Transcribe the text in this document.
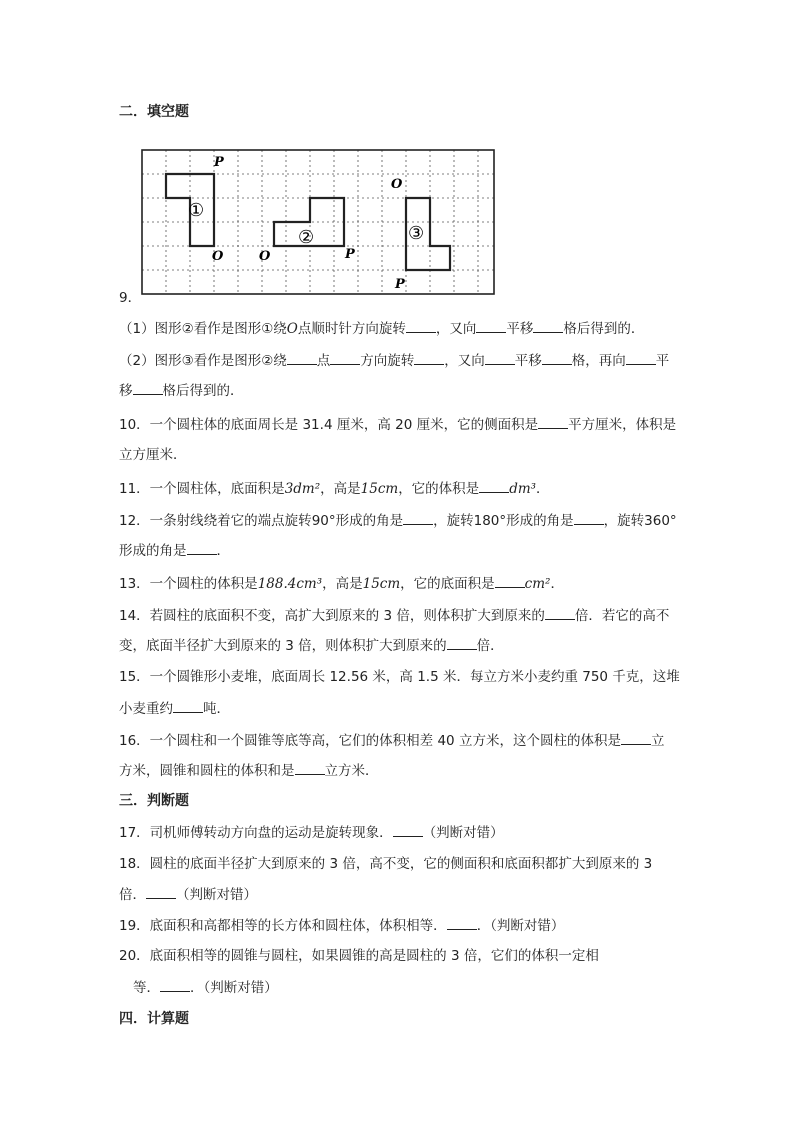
二．填空题
9．
①
②	③
P
O	O	P
O
P
（1）图形②看作是图形①绕O点顺时针方向旋转 ，又向 平移 格后得到的．
（2）图形③看作是图形②绕 点 方向旋转 ，又向 平移 格，再向 平
移 格后得到的．
10．一个圆柱体的底面周长是 31.4 厘米，高 20 厘米，它的侧面积是 平方厘米，体积是
立方厘米．
11．一个圆柱体，底面积是3dm²，高是15cm，它的体积是 dm³．
12．一条射线绕着它的端点旋转90°形成的角是 ，旋转180°形成的角是 ，旋转360°
形成的角是 ．
13．一个圆柱的体积是188.4cm³，高是15cm，它的底面积是 cm²．
14．若圆柱的底面积不变，高扩大到原来的 3 倍，则体积扩大到原来的 倍．若它的高不
变，底面半径扩大到原来的 3 倍，则体积扩大到原来的 倍．
15．一个圆锥形小麦堆，底面周长 12.56 米，高 1.5 米．每立方米小麦约重 750 千克，这堆
小麦重约 吨．
16．一个圆柱和一个圆锥等底等高，它们的体积相差 40 立方米，这个圆柱的体积是 立
方米，圆锥和圆柱的体积和是 立方米．
三．判断题
17．司机师傅转动方向盘的运动是旋转现象． （判断对错）
18．圆柱的底面半径扩大到原来的 3 倍，高不变，它的侧面积和底面积都扩大到原来的 3
倍． （判断对错）
19．底面积和高都相等的长方体和圆柱体，体积相等． ．（判断对错）
20．底面积相等的圆锥与圆柱，如果圆锥的高是圆柱的 3 倍，它们的体积一定相
等． ．（判断对错）
四．计算题
